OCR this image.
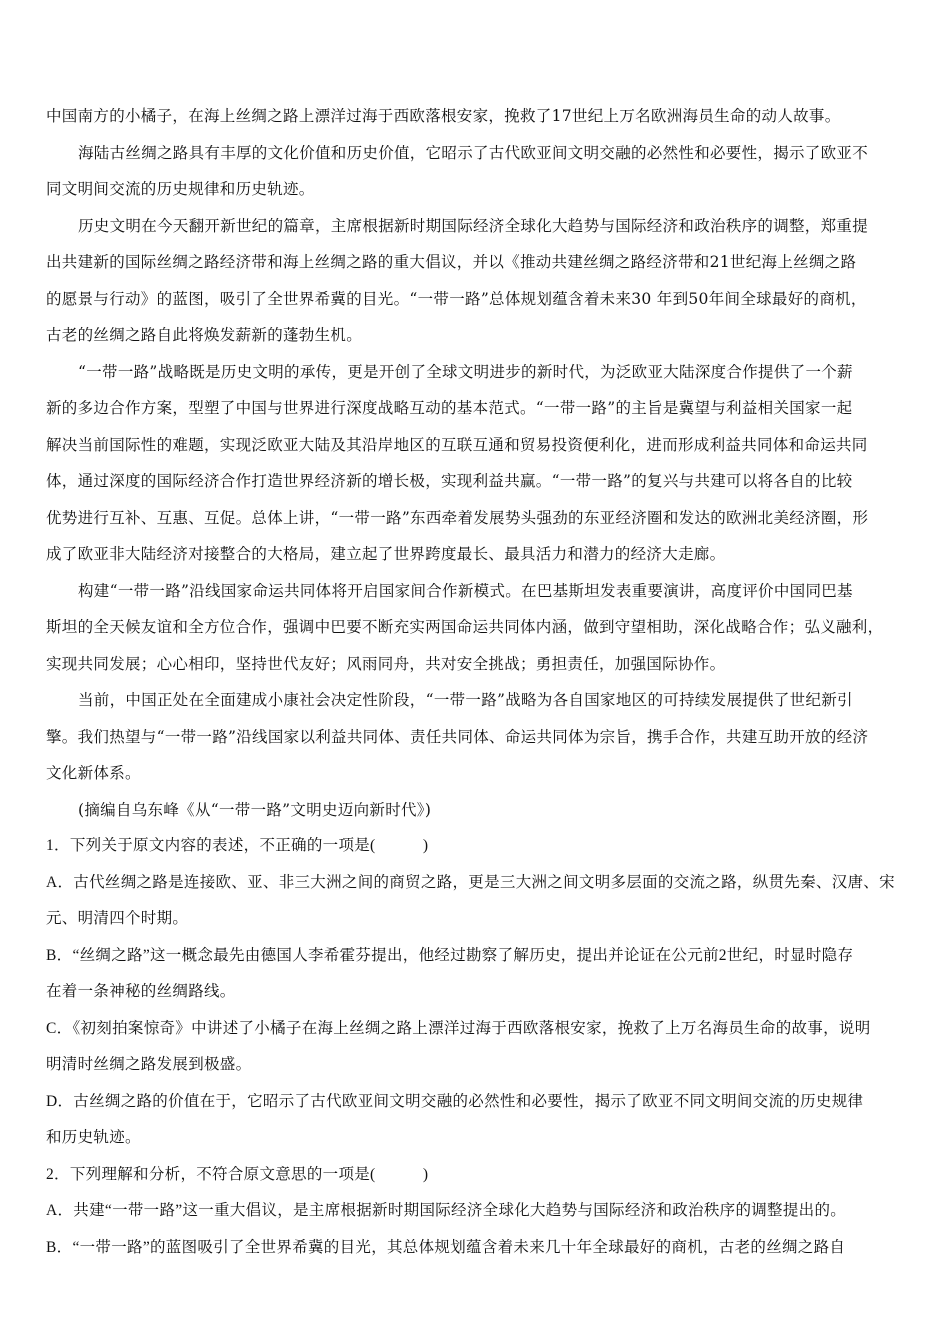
中国南方的小橘子，在海上丝绸之路上漂洋过海于西欧落根安家，挽救了17世纪上万名欧洲海员生命的动人故事。
海陆古丝绸之路具有丰厚的文化价值和历史价值，它昭示了古代欧亚间文明交融的必然性和必要性，揭示了欧亚不
同文明间交流的历史规律和历史轨迹。
历史文明在今天翻开新世纪的篇章，主席根据新时期国际经济全球化大趋势与国际经济和政治秩序的调整，郑重提
出共建新的国际丝绸之路经济带和海上丝绸之路的重大倡议，并以《推动共建丝绸之路经济带和21世纪海上丝绸之路
的愿景与行动》的蓝图，吸引了全世界希冀的目光。“一带一路”总体规划蕴含着未来30 年到50年间全球最好的商机，
古老的丝绸之路自此将焕发薪新的蓬勃生机。
“一带一路”战略既是历史文明的承传，更是开创了全球文明进步的新时代，为泛欧亚大陆深度合作提供了一个薪
新的多边合作方案，型塑了中国与世界进行深度战略互动的基本范式。“一带一路”的主旨是冀望与利益相关国家一起
解决当前国际性的难题，实现泛欧亚大陆及其沿岸地区的互联互通和贸易投资便利化，进而形成利益共同体和命运共同
体，通过深度的国际经济合作打造世界经济新的增长极，实现利益共赢。“一带一路”的复兴与共建可以将各自的比较
优势进行互补、互惠、互促。总体上讲，“一带一路”东西牵着发展势头强劲的东亚经济圈和发达的欧洲北美经济圈，形
成了欧亚非大陆经济对接整合的大格局，建立起了世界跨度最长、最具活力和潜力的经济大走廊。
构建“一带一路”沿线国家命运共同体将开启国家间合作新模式。在巴基斯坦发表重要演讲，高度评价中国同巴基
斯坦的全天候友谊和全方位合作，强调中巴要不断充实两国命运共同体内涵，做到守望相助，深化战略合作；弘义融利，
实现共同发展；心心相印，坚持世代友好；风雨同舟，共对安全挑战；勇担责任，加强国际协作。
当前，中国正处在全面建成小康社会决定性阶段，“一带一路”战略为各自国家地区的可持续发展提供了世纪新引
擎。我们热望与“一带一路”沿线国家以利益共同体、责任共同体、命运共同体为宗旨，携手合作，共建互助开放的经济
文化新体系。
(摘编自乌东峰《从“一带一路”文明史迈向新时代》)
1．下列关于原文内容的表述，不正确的一项是(　　　)
A．古代丝绸之路是连接欧、亚、非三大洲之间的商贸之路，更是三大洲之间文明多层面的交流之路，纵贯先秦、汉唐、宋
元、明清四个时期。
B．“丝绸之路”这一概念最先由德国人李希霍芬提出，他经过勘察了解历史，提出并论证在公元前2世纪，时显时隐存
在着一条神秘的丝绸路线。
C．《初刻拍案惊奇》中讲述了小橘子在海上丝绸之路上漂洋过海于西欧落根安家，挽救了上万名海员生命的故事，说明
明清时丝绸之路发展到极盛。
D．古丝绸之路的价值在于，它昭示了古代欧亚间文明交融的必然性和必要性，揭示了欧亚不同文明间交流的历史规律
和历史轨迹。
2．下列理解和分析，不符合原文意思的一项是(　　　)
A．共建“一带一路”这一重大倡议，是主席根据新时期国际经济全球化大趋势与国际经济和政治秩序的调整提出的。
B．“一带一路”的蓝图吸引了全世界希冀的目光，其总体规划蕴含着未来几十年全球最好的商机，古老的丝绸之路自
